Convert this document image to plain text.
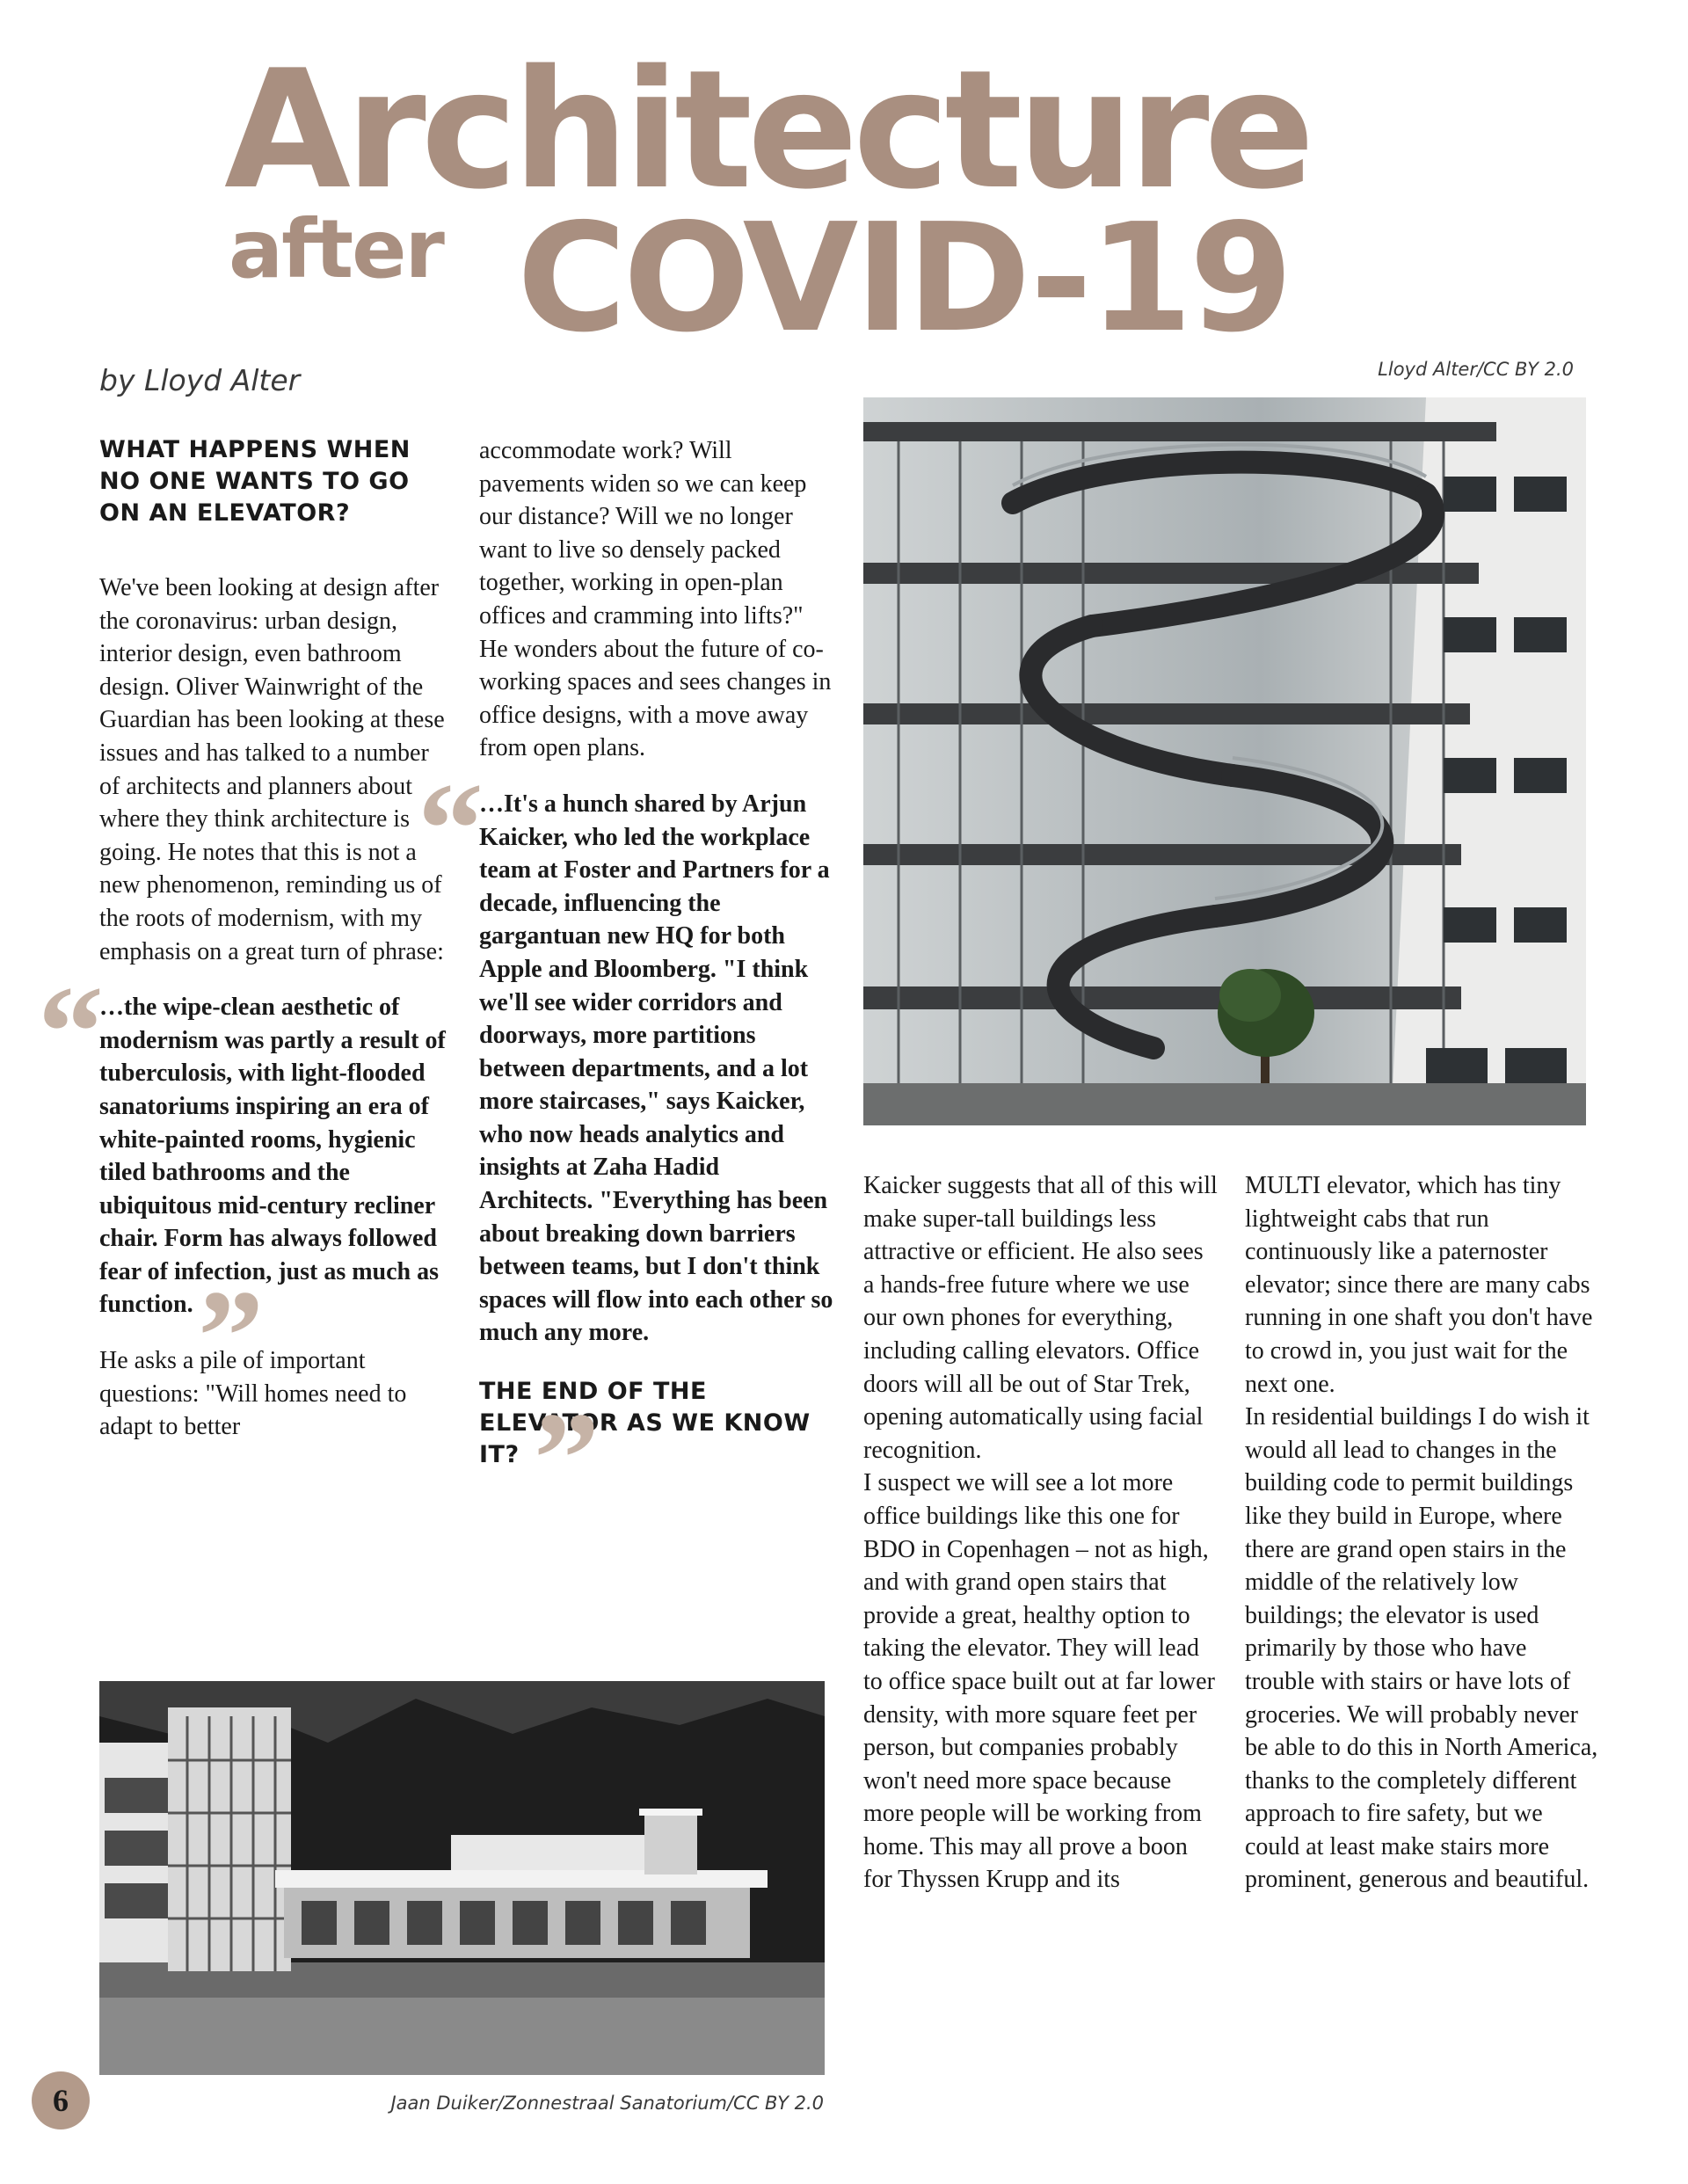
Architecture
after COVID-19

by Lloyd Alter	Lloyd Alter/CC BY 2.0

WHAT HAPPENS WHEN NO ONE WANTS TO GO ON AN ELEVATOR?

We've been looking at design after the coronavirus: urban design, interior design, even bathroom design. Oliver Wainwright of the Guardian has been looking at these issues and has talked to a number of architects and planners about where they think architecture is going. He notes that this is not a new phenomenon, reminding us of the roots of modernism, with my emphasis on a great turn of phrase:

“
…the wipe-clean aesthetic of modernism was partly a result of tuberculosis, with light-flooded sanatoriums inspiring an era of white-painted rooms, hygienic tiled bathrooms and the ubiquitous mid-century recliner chair. Form has always followed fear of infection, just as much as function. ”

He asks a pile of important questions: "Will homes need to adapt to better

accommodate work? Will pavements widen so we can keep our distance? Will we no longer want to live so densely packed together, working in open-plan offices and cramming into lifts?" He wonders about the future of co-working spaces and sees changes in office designs, with a move away from open plans.

“
…It's a hunch shared by Arjun Kaicker, who led the workplace team at Foster and Partners for a decade, influencing the gargantuan new HQ for both Apple and Bloomberg. "I think we'll see wider corridors and doorways, more partitions between departments, and a lot more staircases," says Kaicker, who now heads analytics and insights at Zaha Hadid Architects. "Everything has been about breaking down barriers between teams, but I don't think spaces will flow into each other so much any more.
”
THE END OF THE ELEVATOR AS WE KNOW IT?

Jaan Duiker/Zonnestraal Sanatorium/CC BY 2.0

Kaicker suggests that all of this will make super-tall buildings less attractive or efficient. He also sees a hands-free future where we use our own phones for everything, including calling elevators. Office doors will all be out of Star Trek, opening automatically using facial recognition.

I suspect we will see a lot more office buildings like this one for BDO in Copenhagen – not as high, and with grand open stairs that provide a great, healthy option to taking the elevator. They will lead to office space built out at far lower density, with more square feet per person, but companies probably won't need more space because more people will be working from home. This may all prove a boon for Thyssen Krupp and its

MULTI elevator, which has tiny lightweight cabs that run continuously like a paternoster elevator; since there are many cabs running in one shaft you don't have to crowd in, you just wait for the next one.

In residential buildings I do wish it would all lead to changes in the building code to permit buildings like they build in Europe, where there are grand open stairs in the middle of the relatively low buildings; the elevator is used primarily by those who have trouble with stairs or have lots of groceries. We will probably never be able to do this in North America, thanks to the completely different approach to fire safety, but we could at least make stairs more prominent, generous and beautiful.

6
